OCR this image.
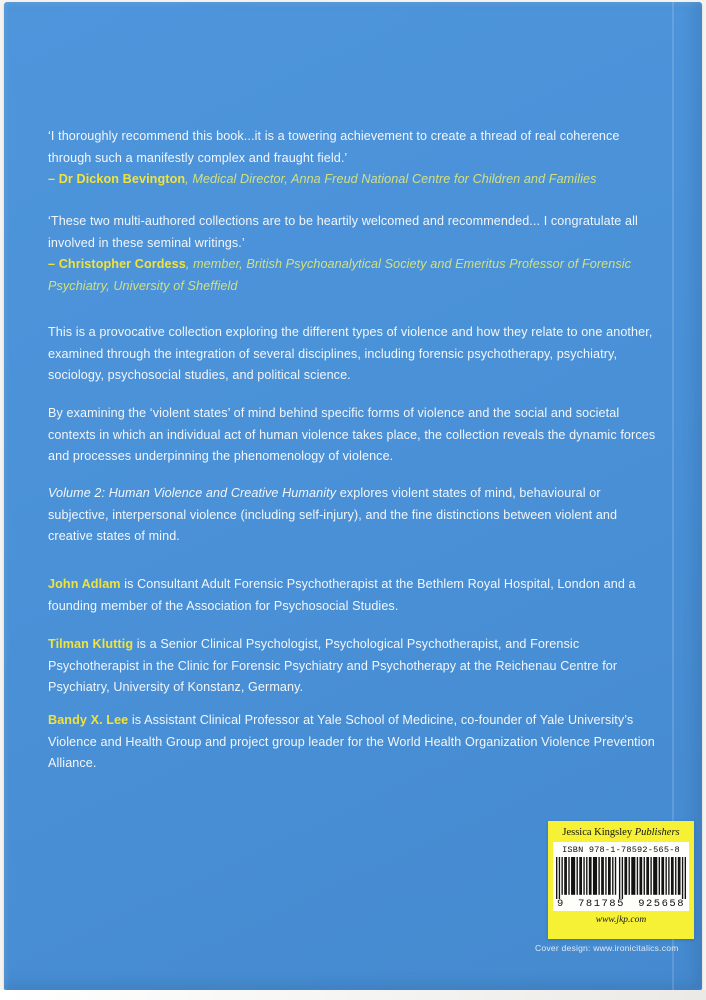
‘I thoroughly recommend this book...it is a towering achievement to create a thread of real coherence through such a manifestly complex and fraught field.’

– Dr Dickon Bevington, Medical Director, Anna Freud National Centre for Children and Families

‘These two multi-authored collections are to be heartily welcomed and recommended... I congratulate all involved in these seminal writings.’

– Christopher Cordess, member, British Psychoanalytical Society and Emeritus Professor of Forensic Psychiatry, University of Sheffield

This is a provocative collection exploring the different types of violence and how they relate to one another, examined through the integration of several disciplines, including forensic psychotherapy, psychiatry, sociology, psychosocial studies, and political science.

By examining the ‘violent states’ of mind behind specific forms of violence and the social and societal contexts in which an individual act of human violence takes place, the collection reveals the dynamic forces and processes underpinning the phenomenology of violence.

Volume 2: Human Violence and Creative Humanity explores violent states of mind, behavioural or subjective, interpersonal violence (including self-injury), and the fine distinctions between violent and creative states of mind.

John Adlam is Consultant Adult Forensic Psychotherapist at the Bethlem Royal Hospital, London and a founding member of the Association for Psychosocial Studies.

Tilman Kluttig is a Senior Clinical Psychologist, Psychological Psychotherapist, and Forensic Psychotherapist in the Clinic for Forensic Psychiatry and Psychotherapy at the Reichenau Centre for Psychiatry, University of Konstanz, Germany.

Bandy X. Lee is Assistant Clinical Professor at Yale School of Medicine, co-founder of Yale University’s Violence and Health Group and project group leader for the World Health Organization Violence Prevention Alliance.

Jessica Kingsley Publishers
ISBN 978-1-78592-565-8
9 781785 925658
www.jkp.com
Cover design: www.ironicitalics.com
